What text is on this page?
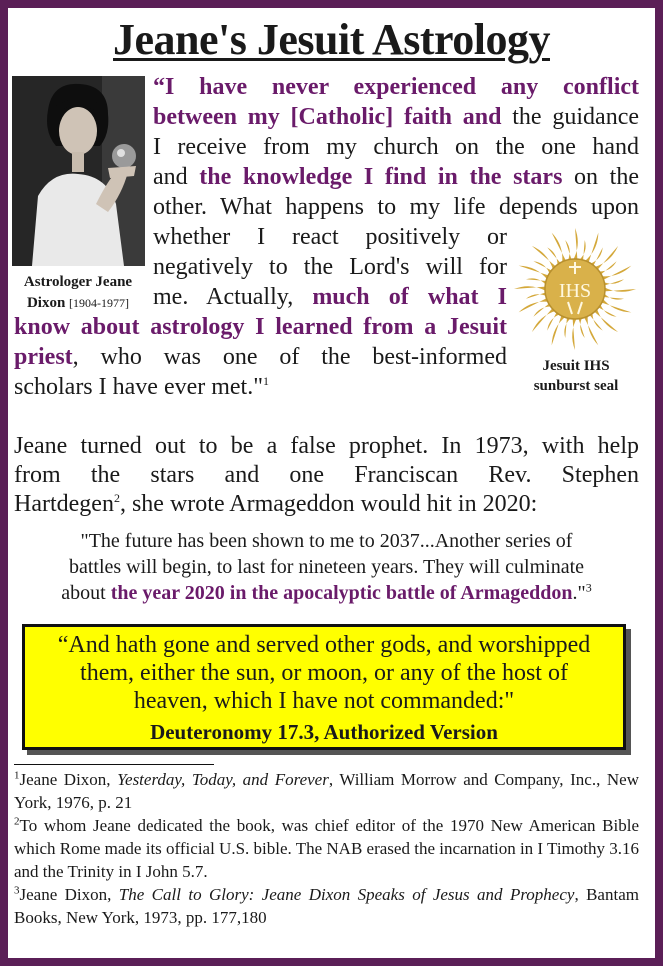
Jeane's Jesuit Astrology
Astrologer Jeane Dixon [1904-1977]
IHS
Jesuit IHS
sunburst seal
“I have never experienced any conflict
between my [Catholic] faith and the guidance
I receive from my church on the one hand
and the knowledge I find in the stars on the
other. What happens to my life depends upon
whether I react positively or
negatively to the Lord's will for
me. Actually, much of what I
know about astrology I learned from a Jesuit
priest, who was one of the best-informed
scholars I have ever met."$^1$
Jeane turned out to be a false prophet. In 1973, with help
from the stars and one Franciscan Rev. Stephen
Hartdegen$^2$, she wrote Armageddon would hit in 2020:
"The future has been shown to me to 2037...Another series of
battles will begin, to last for nineteen years. They will culminate
about the year 2020 in the apocalyptic battle of Armageddon."$^3$
“And hath gone and served other gods, and worshipped
them, either the sun, or moon, or any of the host of
heaven, which I have not commanded:"
Deuteronomy 17.3, Authorized Version
$^1$Jeane Dixon, Yesterday, Today, and Forever, William Morrow and Company, Inc., New York, 1976, p. 21
$^2$To whom Jeane dedicated the book, was chief editor of the 1970 New American Bible which Rome made its official U.S. bible. The NAB erased the incarnation in I Timothy 3.16 and the Trinity in I John 5.7.
$^3$Jeane Dixon, The Call to Glory: Jeane Dixon Speaks of Jesus and Prophecy, Bantam Books, New York, 1973, pp. 177,180
